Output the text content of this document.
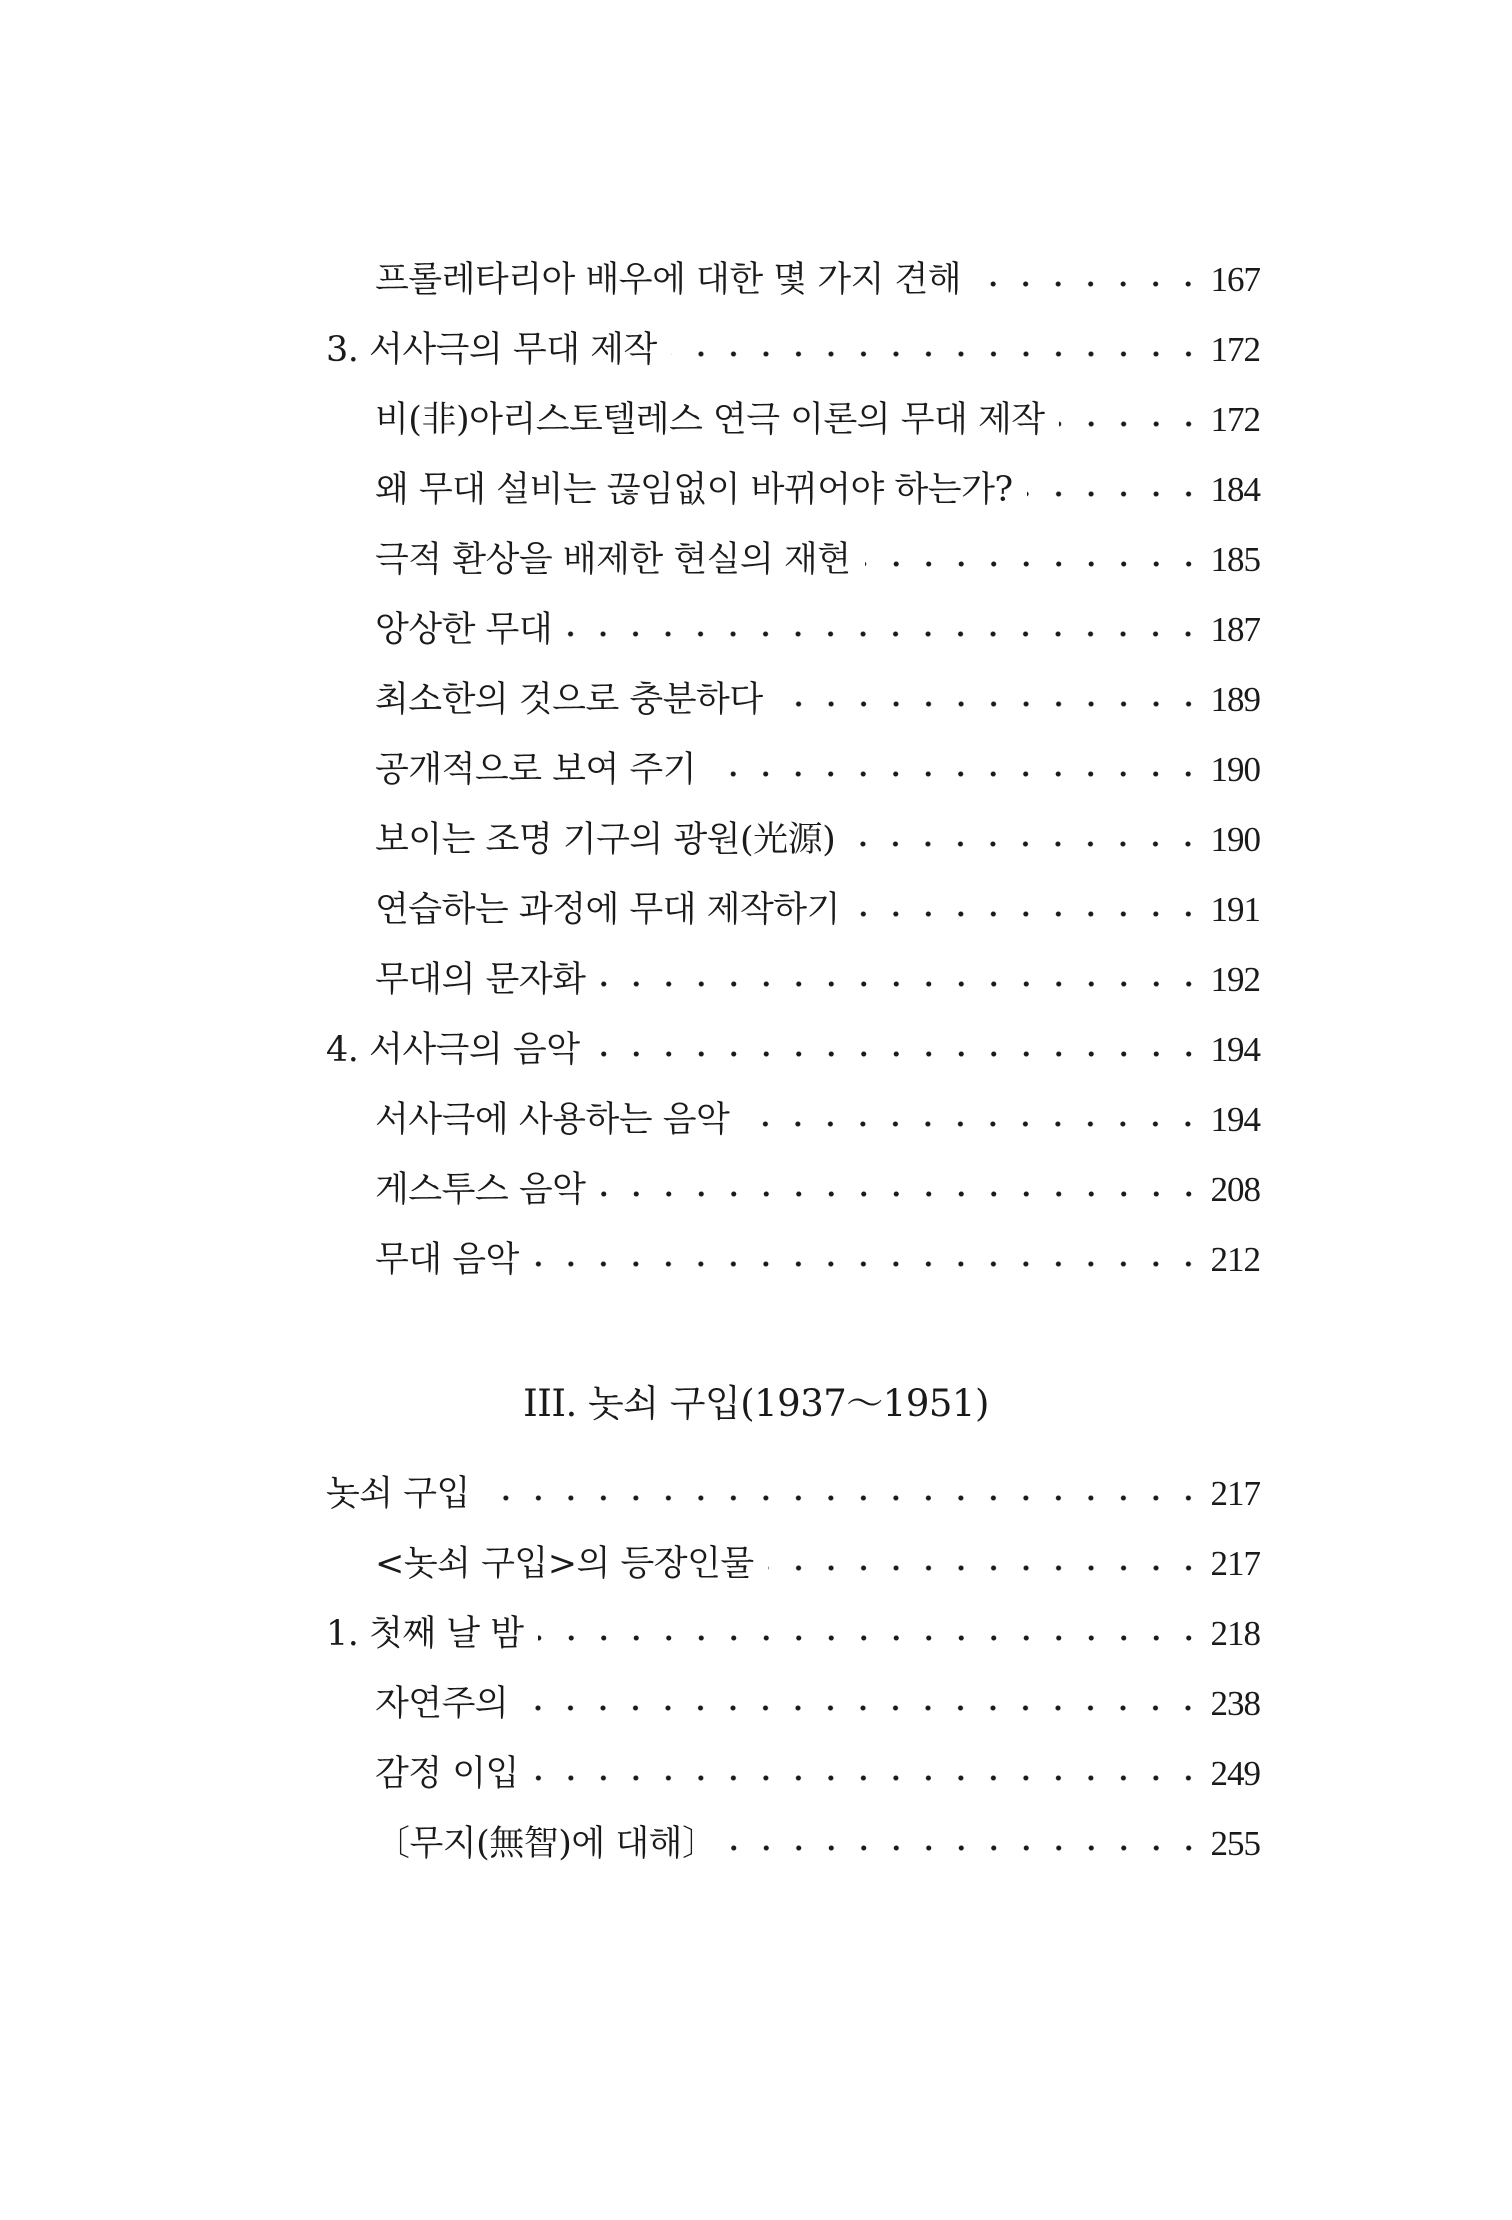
프롤레타리아 배우에 대한 몇 가지 견해	167
3. 서사극의 무대 제작	172
비(非)아리스토텔레스 연극 이론의 무대 제작	172
왜 무대 설비는 끊임없이 바뀌어야 하는가?	184
극적 환상을 배제한 현실의 재현	185
앙상한 무대	187
최소한의 것으로 충분하다	189
공개적으로 보여 주기	190
보이는 조명 기구의 광원(光源)	190
연습하는 과정에 무대 제작하기	191
무대의 문자화	192
4. 서사극의 음악	194
서사극에 사용하는 음악	194
게스투스 음악	208
무대 음악	212
놋쇠 구입	217
<놋쇠 구입>의 등장인물	217
1. 첫째 날 밤	218
자연주의	238
감정 이입	249
〔무지(無智)에 대해〕	255
III. 놋쇠 구입(1937～1951)
